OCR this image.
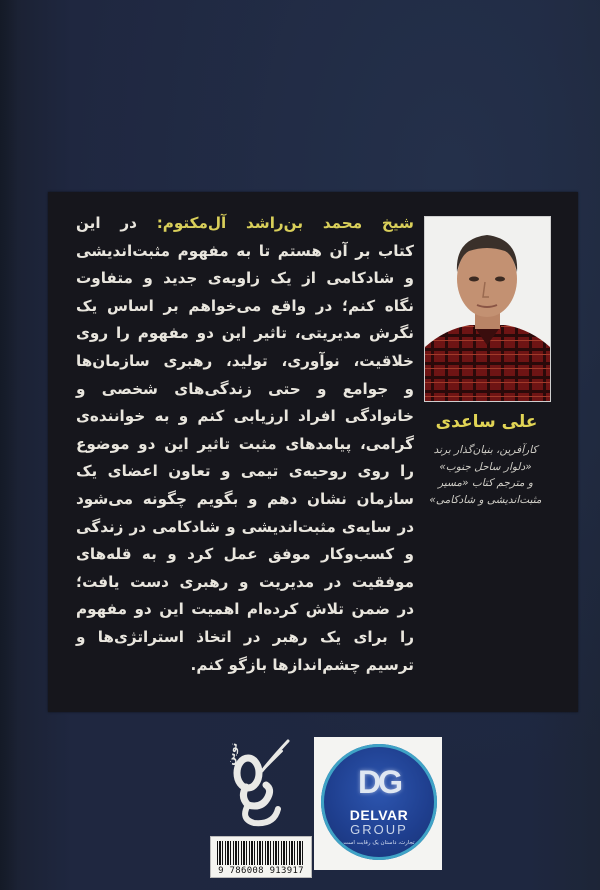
شیخ محمد بن‌راشد آل‌مکتوم: در این
کتاب بر آن هستم تا به مفهوم مثبت‌اندیشی
و شادکامی از یک زاویه‌ی جدید و متفاوت
نگاه کنم؛ در واقع می‌خواهم بر اساس یک
نگرش مدیریتی، تاثیر این دو مفهوم را روی
خلاقیت، نوآوری، تولید، رهبری سازمان‌ها
و جوامع و حتی زندگی‌های شخصی و
خانوادگی افراد ارزیابی کنم و به خواننده‌ی
گرامی، پیامدهای مثبت تاثیر این دو موضوع
را روی روحیه‌ی تیمی و تعاون اعضای یک
سازمان نشان دهم و بگویم چگونه می‌شود
در سایه‌ی مثبت‌اندیشی و شادکامی در زندگی
و کسب‌وکار موفق عمل کرد و به قله‌های
موفقیت در مدیریت و رهبری دست یافت؛
در ضمن تلاش کرده‌ام اهمیت این دو مفهوم
را برای یک رهبر در اتخاذ استراتژی‌ها و
ترسیم چشم‌اندازها بازگو کنم.
علی ساعدی
کارآفرین، بنیان‌گذار برند
«دلوار ساحل جنوب»
و مترجم کتاب «مسیر
مثبت‌اندیشی و شادکامی»
نوین
9 786008 913917
DG
DELVAR
GROUP
تجارت، داستان یک رقابت است
